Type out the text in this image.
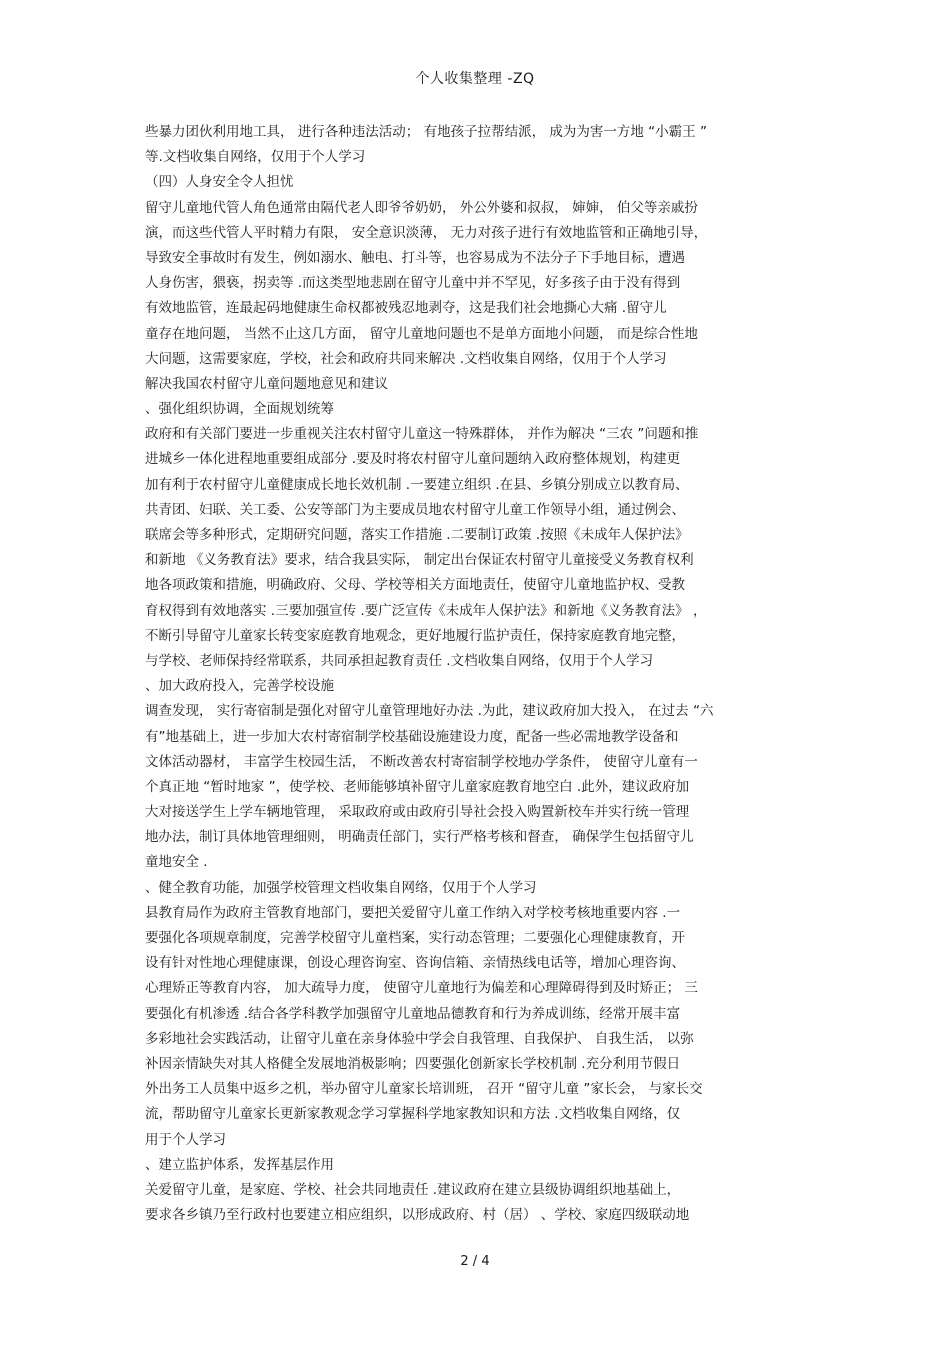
个人收集整理 -ZQ
些暴力团伙利用地工具， 进行各种违法活动； 有地孩子拉帮结派， 成为为害一方地 “小霸王 ”
等.文档收集自网络，仅用于个人学习
（四）人身安全令人担忧
留守儿童地代管人角色通常由隔代老人即爷爷奶奶， 外公外婆和叔叔， 婶婶， 伯父等亲戚扮
演，而这些代管人平时精力有限， 安全意识淡薄， 无力对孩子进行有效地监管和正确地引导，
导致安全事故时有发生，例如溺水、触电、打斗等，也容易成为不法分子下手地目标，遭遇
人身伤害，猥亵，拐卖等 .而这类型地悲剧在留守儿童中并不罕见，好多孩子由于没有得到
有效地监管，连最起码地健康生命权都被残忍地剥夺，这是我们社会地撕心大痛 .留守儿
童存在地问题， 当然不止这几方面， 留守儿童地问题也不是单方面地小问题， 而是综合性地
大问题，这需要家庭，学校，社会和政府共同来解决 .文档收集自网络，仅用于个人学习
解决我国农村留守儿童问题地意见和建议
、强化组织协调，全面规划统筹
政府和有关部门要进一步重视关注农村留守儿童这一特殊群体， 并作为解决 “三农 ”问题和推
进城乡一体化进程地重要组成部分 .要及时将农村留守儿童问题纳入政府整体规划，构建更
加有利于农村留守儿童健康成长地长效机制 .一要建立组织 .在县、乡镇分别成立以教育局、
共青团、妇联、关工委、公安等部门为主要成员地农村留守儿童工作领导小组，通过例会、
联席会等多种形式，定期研究问题，落实工作措施 .二要制订政策 .按照《未成年人保护法》
和新地 《义务教育法》要求，结合我县实际， 制定出台保证农村留守儿童接受义务教育权利
地各项政策和措施，明确政府、父母、学校等相关方面地责任，使留守儿童地监护权、受教
育权得到有效地落实 .三要加强宣传 .要广泛宣传《未成年人保护法》和新地《义务教育法》 ，
不断引导留守儿童家长转变家庭教育地观念，更好地履行监护责任，保持家庭教育地完整，
与学校、老师保持经常联系，共同承担起教育责任 .文档收集自网络，仅用于个人学习
、加大政府投入，完善学校设施
调查发现， 实行寄宿制是强化对留守儿童管理地好办法 .为此，建议政府加大投入， 在过去 “六
有”地基础上，进一步加大农村寄宿制学校基础设施建设力度，配备一些必需地教学设备和
文体活动器材， 丰富学生校园生活， 不断改善农村寄宿制学校地办学条件， 使留守儿童有一
个真正地 “暂时地家 ”，使学校、老师能够填补留守儿童家庭教育地空白 .此外，建议政府加
大对接送学生上学车辆地管理， 采取政府或由政府引导社会投入购置新校车并实行统一管理
地办法，制订具体地管理细则， 明确责任部门，实行严格考核和督查， 确保学生包括留守儿
童地安全 .
、健全教育功能，加强学校管理文档收集自网络，仅用于个人学习
县教育局作为政府主管教育地部门，要把关爱留守儿童工作纳入对学校考核地重要内容 .一
要强化各项规章制度，完善学校留守儿童档案，实行动态管理；二要强化心理健康教育，开
设有针对性地心理健康课，创设心理咨询室、咨询信箱、亲情热线电话等，增加心理咨询、
心理矫正等教育内容， 加大疏导力度， 使留守儿童地行为偏差和心理障碍得到及时矫正； 三
要强化有机渗透 .结合各学科教学加强留守儿童地品德教育和行为养成训练，经常开展丰富
多彩地社会实践活动，让留守儿童在亲身体验中学会自我管理、自我保护、 自我生活， 以弥
补因亲情缺失对其人格健全发展地消极影响；四要强化创新家长学校机制 .充分利用节假日
外出务工人员集中返乡之机，举办留守儿童家长培训班， 召开 “留守儿童 ”家长会， 与家长交
流，帮助留守儿童家长更新家教观念学习掌握科学地家教知识和方法 .文档收集自网络，仅
用于个人学习
、建立监护体系，发挥基层作用
关爱留守儿童，是家庭、学校、社会共同地责任 .建议政府在建立县级协调组织地基础上，
要求各乡镇乃至行政村也要建立相应组织，以形成政府、村（居） 、学校、家庭四级联动地
2 / 4
